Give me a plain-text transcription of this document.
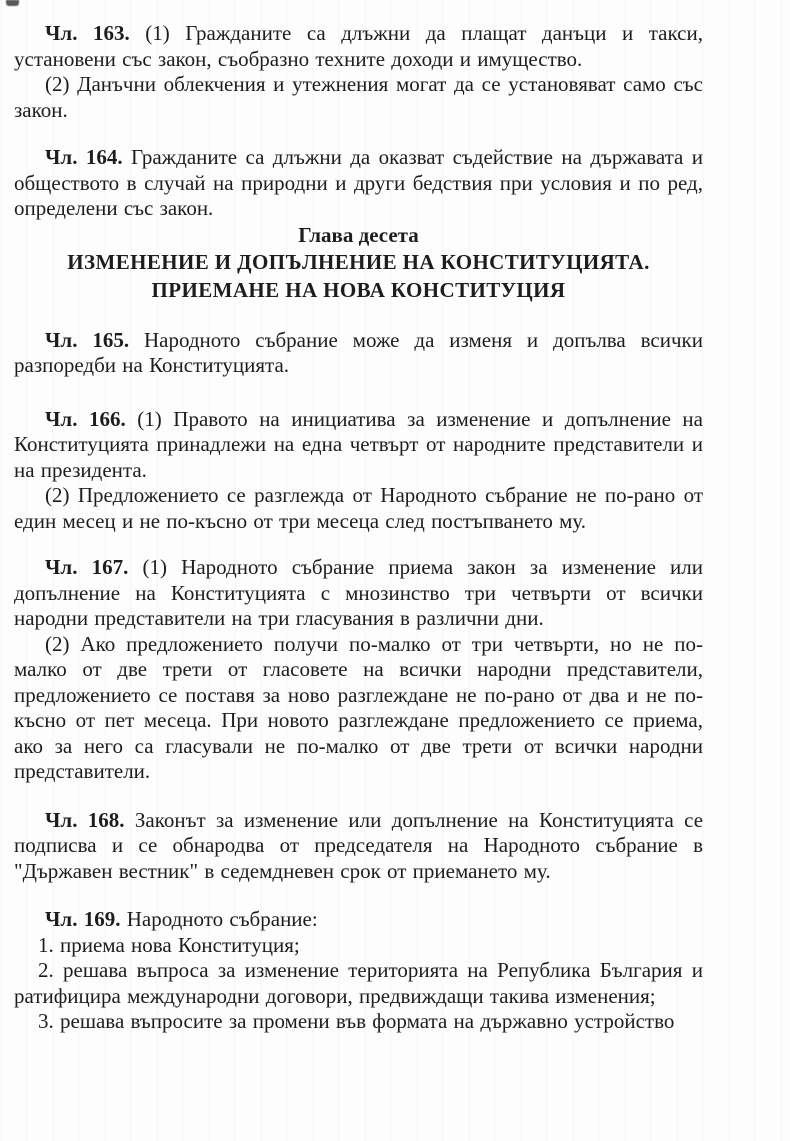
Чл. 163. (1) Гражданите са длъжни да плащат данъци и такси, установени със закон, съобразно техните доходи и имущество.

(2) Данъчни облекчения и утежнения могат да се установяват само със закон.

Чл. 164. Гражданите са длъжни да оказват съдействие на държавата и обществото в случай на природни и други бедствия при условия и по ред, определени със закон.

Глава десета

ИЗМЕНЕНИЕ И ДОПЪЛНЕНИЕ НА КОНСТИТУЦИЯТА.
ПРИЕМАНЕ НА НОВА КОНСТИТУЦИЯ

Чл. 165. Народното събрание може да изменя и допълва всички разпоредби на Конституцията.

Чл. 166. (1) Правото на инициатива за изменение и допълнение на Конституцията принадлежи на една четвърт от народните представители и на президента.

(2) Предложението се разглежда от Народното събрание не по-рано от един месец и не по-късно от три месеца след постъпването му.

Чл. 167. (1) Народното събрание приема закон за изменение или допълнение на Конституцията с мнозинство три четвърти от всички народни представители на три гласувания в различни дни.

(2) Ако предложението получи по-малко от три четвърти, но не по-малко от две трети от гласовете на всички народни представители, предложението се поставя за ново разглеждане не по-рано от два и не по-късно от пет месеца. При новото разглеждане предложението се приема, ако за него са гласували не по-малко от две трети от всички народни представители.

Чл. 168. Законът за изменение или допълнение на Конституцията се подписва и се обнародва от председателя на Народното събрание в "Държавен вестник" в седемдневен срок от приемането му.

Чл. 169. Народното събрание:

1. приема нова Конституция;

2. решава въпроса за изменение територията на Република България и ратифицира международни договори, предвиждащи такива изменения;

3. решава въпросите за промени във формата на държавно устройство
